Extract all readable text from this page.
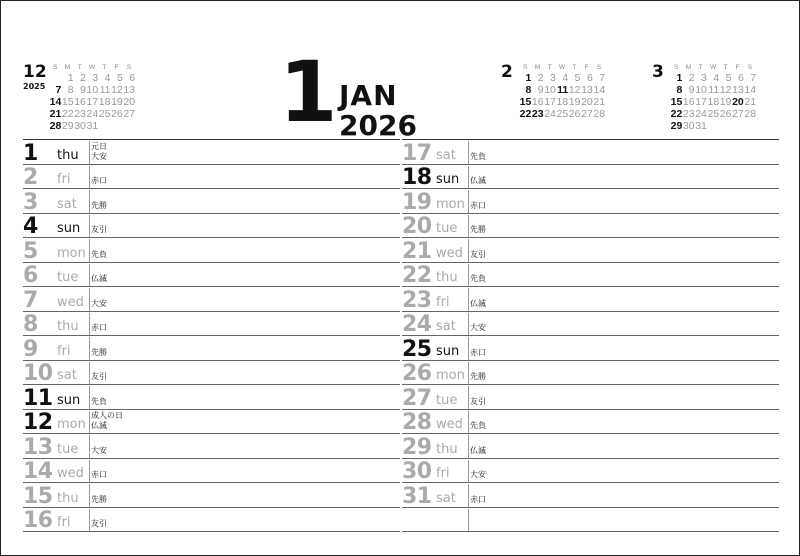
12
2025
S	M	T	W	T	F	S
	1	2	3	4	5	6
7	8	9	10	11	12	13
14	15	16	17	18	19	20
21	22	23	24	25	26	27
28	29	30	31			
2	S	M	T	W	T	F	S
1	2	3	4	5	6	7
8	9	10	11	12	13	14
15	16	17	18	19	20	21
22	23	24	25	26	27	28
3	S	M	T	W	T	F	S
1	2	3	4	5	6	7
8	9	10	11	12	13	14
15	16	17	18	19	20	21
22	23	24	25	26	27	28
29	30	31				
1 JAN
2026
1	thu
元日
大安
2	fri	赤口
3	sat 先勝
4	sun 友引
5	mon 先負
6	tue 仏滅
7	wed 大安
8	thu 赤口
9	fri	先勝
10 sat 友引
11 sun 先負
12 mon
成人の日
仏滅
13 tue 大安
14 wed 赤口
15 thu 先勝
16 fri	友引
17 sat 先負
18 sun 仏滅
19 mon 赤口
20 tue 先勝
21 wed 友引
22 thu 先負
23 fri	仏滅
24 sat 大安
25 sun 赤口
26 mon 先勝
27 tue 友引
28 wed 先負
29 thu 仏滅
30 fri	大安
31 sat 赤口
